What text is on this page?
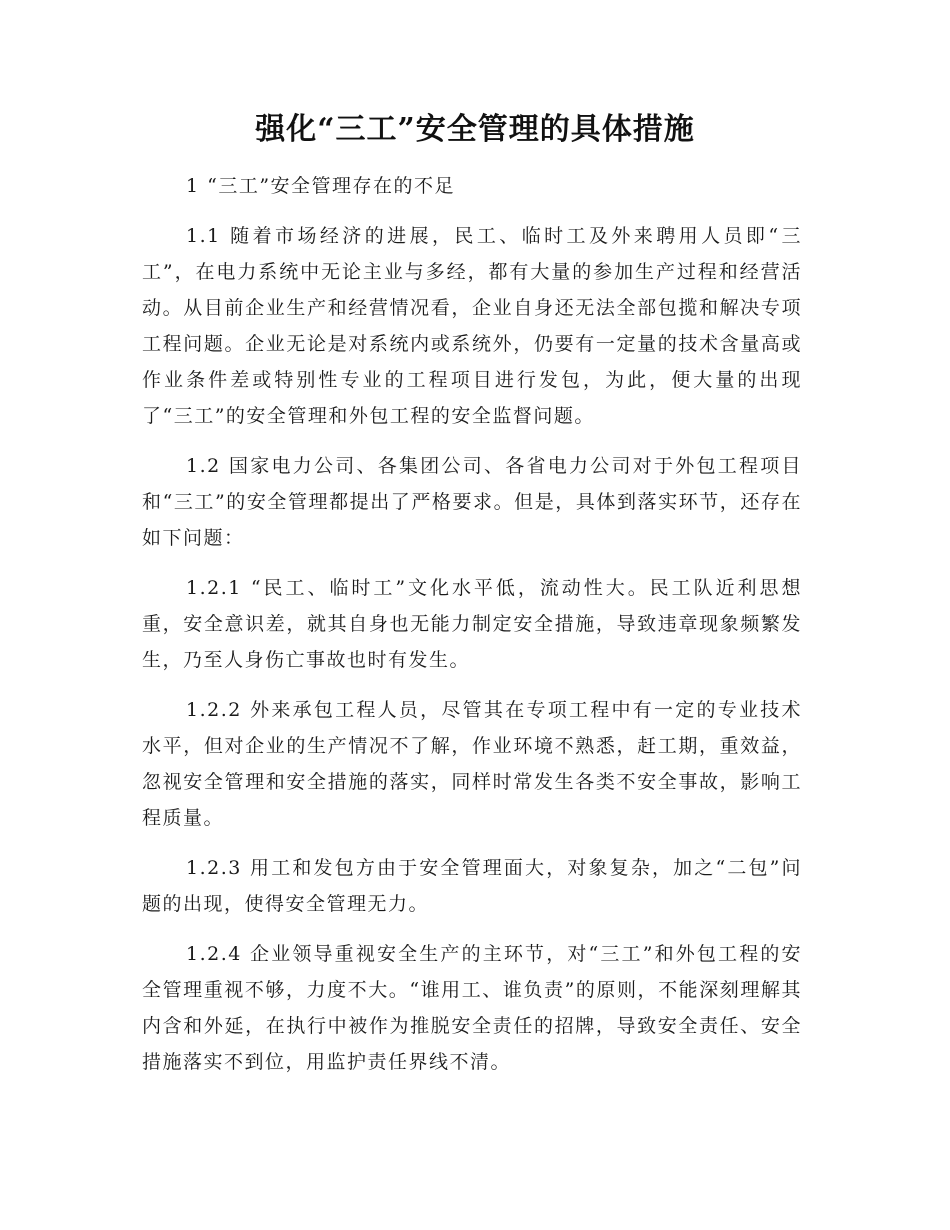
强化“三工”安全管理的具体措施

1 “三工”安全管理存在的不足

1.1 随着市场经济的进展，民工、临时工及外来聘用人员即“三工”，在电力系统中无论主业与多经，都有大量的参加生产过程和经营活动。从目前企业生产和经营情况看，企业自身还无法全部包揽和解决专项工程问题。企业无论是对系统内或系统外，仍要有一定量的技术含量高或作业条件差或特别性专业的工程项目进行发包，为此，便大量的出现了“三工”的安全管理和外包工程的安全监督问题。

1.2 国家电力公司、各集团公司、各省电力公司对于外包工程项目和“三工”的安全管理都提出了严格要求。但是，具体到落实环节，还存在如下问题：

1.2.1 “民工、临时工”文化水平低，流动性大。民工队近利思想重，安全意识差，就其自身也无能力制定安全措施，导致违章现象频繁发生，乃至人身伤亡事故也时有发生。

1.2.2 外来承包工程人员，尽管其在专项工程中有一定的专业技术水平，但对企业的生产情况不了解，作业环境不熟悉，赶工期，重效益，忽视安全管理和安全措施的落实，同样时常发生各类不安全事故，影响工程质量。

1.2.3 用工和发包方由于安全管理面大，对象复杂，加之“二包”问题的出现，使得安全管理无力。

1.2.4 企业领导重视安全生产的主环节，对“三工”和外包工程的安全管理重视不够，力度不大。“谁用工、谁负责”的原则，不能深刻理解其内含和外延，在执行中被作为推脱安全责任的招牌，导致安全责任、安全措施落实不到位，用监护责任界线不清。
